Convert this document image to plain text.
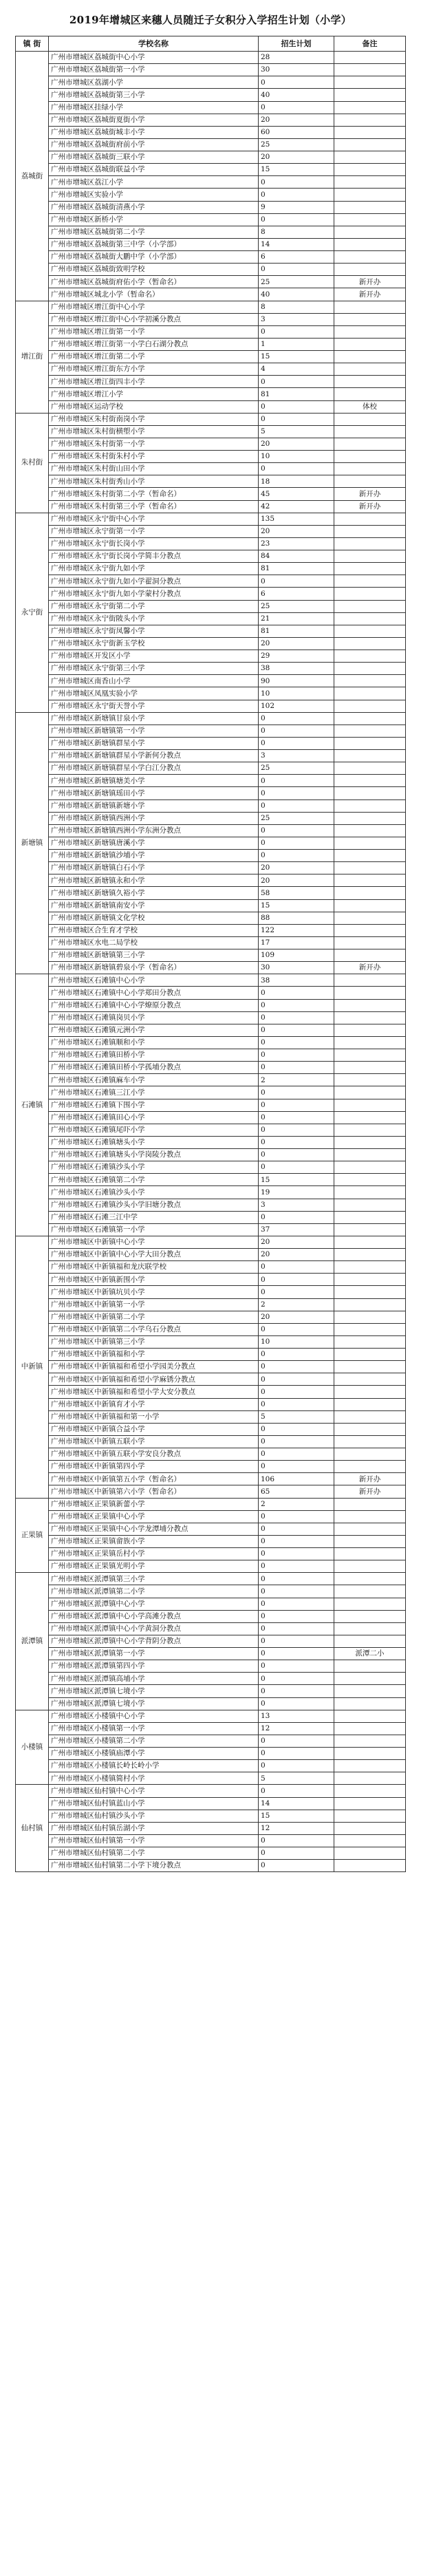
2019年增城区来穗人员随迁子女积分入学招生计划（小学）
镇 街	学校名称	招生计划	备注
荔城街	广州市增城区荔城街中心小学	28	
	广州市增城区荔城街第一小学	30	
	广州市增城区荔湖小学	0	
	广州市增城区荔城街第三小学	40	
	广州市增城区挂绿小学	0	
	广州市增城区荔城街夏街小学	20	
	广州市增城区荔城街城丰小学	60	
	广州市增城区荔城街府前小学	25	
	广州市增城区荔城街三联小学	20	
	广州市增城区荔城街联益小学	15	
	广州市增城区荔江小学	0	
	广州市增城区实验小学	0	
	广州市增城区荔城街清燕小学	9	
	广州市增城区新桥小学	0	
	广州市增城区荔城街第二小学	8	
	广州市增城区荔城街第三中学（小学部）	14	
	广州市增城区荔城街大鹏中学（小学部）	6	
	广州市增城区荔城街致明学校	0	
	广州市增城区荔城街府佑小学（暂命名）	25	新开办
	广州市增城区城北小学（暂命名）	40	新开办
增江街	广州市增城区增江街中心小学	8	
	广州市增城区增江街中心小学初溪分教点	3	
	广州市增城区增江街第一小学	0	
	广州市增城区增江街第一小学白石湖分教点	1	
	广州市增城区增江街第二小学	15	
	广州市增城区增江街东方小学	4	
	广州市增城区增江街四丰小学	0	
	广州市增城区增江小学	81	
	广州市增城区运动学校	0	体校
朱村街	广州市增城区朱村街南岗小学	0	
	广州市增城区朱村街横塱小学	5	
	广州市增城区朱村街第一小学	20	
	广州市增城区朱村街朱村小学	10	
	广州市增城区朱村街山田小学	0	
	广州市增城区朱村街秀山小学	18	
	广州市增城区朱村街第二小学（暂命名）	45	新开办
	广州市增城区朱村街第三小学（暂命名）	42	新开办
永宁街	广州市增城区永宁街中心小学	135	
	广州市增城区永宁街第一小学	20	
	广州市增城区永宁街长岗小学	23	
	广州市增城区永宁街长岗小学简丰分教点	84	
	广州市增城区永宁街九如小学	81	
	广州市增城区永宁街九如小学翟洞分教点	0	
	广州市增城区永宁街九如小学蒙村分教点	6	
	广州市增城区永宁街第二小学	25	
	广州市增城区永宁街陂头小学	21	
	广州市增城区永宁街凤馨小学	81	
	广州市增城区永宁街新玉学校	20	
	广州市增城区开发区小学	29	
	广州市增城区永宁街第三小学	38	
	广州市增城区南香山小学	90	
	广州市增城区凤凰实验小学	10	
	广州市增城区永宁街天誉小学	102	
新塘镇	广州市增城区新塘镇甘泉小学	0	
	广州市增城区新塘镇第一小学	0	
	广州市增城区新塘镇群星小学	0	
	广州市增城区新塘镇群星小学新何分教点	3	
	广州市增城区新塘镇群星小学白江分教点	25	
	广州市增城区新塘镇塘美小学	0	
	广州市增城区新塘镇瑶田小学	0	
	广州市增城区新塘镇新塘小学	0	
	广州市增城区新塘镇西洲小学	25	
	广州市增城区新塘镇西洲小学东洲分教点	0	
	广州市增城区新塘镇唐溪小学	0	
	广州市增城区新塘镇沙埔小学	0	
	广州市增城区新塘镇白石小学	20	
	广州市增城区新塘镇永和小学	20	
	广州市增城区新塘镇久裕小学	58	
	广州市增城区新塘镇南安小学	15	
	广州市增城区新塘镇文化学校	88	
	广州市增城区合生育才学校	122	
	广州市增城区水电二局学校	17	
	广州市增城区新塘镇第三小学	109	
	广州市增城区新塘镇碧泉小学（暂命名）	30	新开办
石滩镇	广州市增城区石滩镇中心小学	38	
	广州市增城区石滩镇中心小学郑田分教点	0	
	广州市增城区石滩镇中心小学燎原分教点	0	
	广州市增城区石滩镇岗贝小学	0	
	广州市增城区石滩镇元洲小学	0	
	广州市增城区石滩镇顺和小学	0	
	广州市增城区石滩镇田桥小学	0	
	广州市增城区石滩镇田桥小学孤埔分教点	0	
	广州市增城区石滩镇麻车小学	2	
	广州市增城区石滩镇三江小学	0	
	广州市增城区石滩镇下围小学	0	
	广州市增城区石滩镇田心小学	0	
	广州市增城区石滩镇尾吓小学	0	
	广州市增城区石滩镇塘头小学	0	
	广州市增城区石滩镇塘头小学岗陵分教点	0	
	广州市增城区石滩镇沙头小学	0	
	广州市增城区石滩镇第二小学	15	
	广州市增城区石滩镇沙头小学	19	
	广州市增城区石滩镇沙头小学旧塘分教点	3	
	广州市增城区石滩三江中学	0	
	广州市增城区石滩镇第一小学	37	
中新镇	广州市增城区中新镇中心小学	20	
	广州市增城区中新镇中心小学大田分教点	20	
	广州市增城区中新镇福和龙庆联学校	0	
	广州市增城区中新镇新围小学	0	
	广州市增城区中新镇坑贝小学	0	
	广州市增城区中新镇第一小学	2	
	广州市增城区中新镇第二小学	20	
	广州市增城区中新镇第二小学乌石分教点	0	
	广州市增城区中新镇第三小学	10	
	广州市增城区中新镇福和小学	0	
	广州市增城区中新镇福和希望小学园美分教点	0	
	广州市增城区中新镇福和希望小学麻锈分教点	0	
	广州市增城区中新镇福和希望小学大安分教点	0	
	广州市增城区中新镇育才小学	0	
	广州市增城区中新镇福和第一小学	5	
	广州市增城区中新镇合益小学	0	
	广州市增城区中新镇五联小学	0	
	广州市增城区中新镇五联小学安良分教点	0	
	广州市增城区中新镇第四小学	0	
	广州市增城区中新镇第五小学（暂命名）	106	新开办
	广州市增城区中新镇第六小学（暂命名）	65	新开办
正果镇	广州市增城区正果镇新蕾小学	2	
	广州市增城区正果镇中心小学	0	
	广州市增城区正果镇中心小学龙潭埔分教点	0	
	广州市增城区正果镇畲族小学	0	
	广州市增城区正果镇岳村小学	0	
	广州市增城区正果镇光明小学	0	
派潭镇	广州市增城区派潭镇第三小学	0	
	广州市增城区派潭镇第二小学	0	
	广州市增城区派潭镇中心小学	0	
	广州市增城区派潭镇中心小学高滩分教点	0	
	广州市增城区派潭镇中心小学黄洞分教点	0	
	广州市增城区派潭镇中心小学背阴分教点	0	
	广州市增城区派潭镇第一小学	0	派潭二小
	广州市增城区派潭镇第四小学	0	
	广州市增城区派潭镇高埔小学	0	
	广州市增城区派潭镇七境小学	0	
	广州市增城区派潭镇七境小学	0	
小楼镇	广州市增城区小楼镇中心小学	13	
	广州市增城区小楼镇第一小学	12	
	广州市增城区小楼镇第二小学	0	
	广州市增城区小楼镇庙潭小学	0	
	广州市增城区小楼镇长岭长岭小学	0	
	广州市增城区小楼镇简村小学	5	
仙村镇	广州市增城区仙村镇中心小学	0	
	广州市增城区仙村镇蓝山小学	14	
	广州市增城区仙村镇沙头小学	15	
	广州市增城区仙村镇岳湖小学	12	
	广州市增城区仙村镇第一小学	0	
	广州市增城区仙村镇第二小学	0	
	广州市增城区仙村镇第二小学下境分教点	0	
